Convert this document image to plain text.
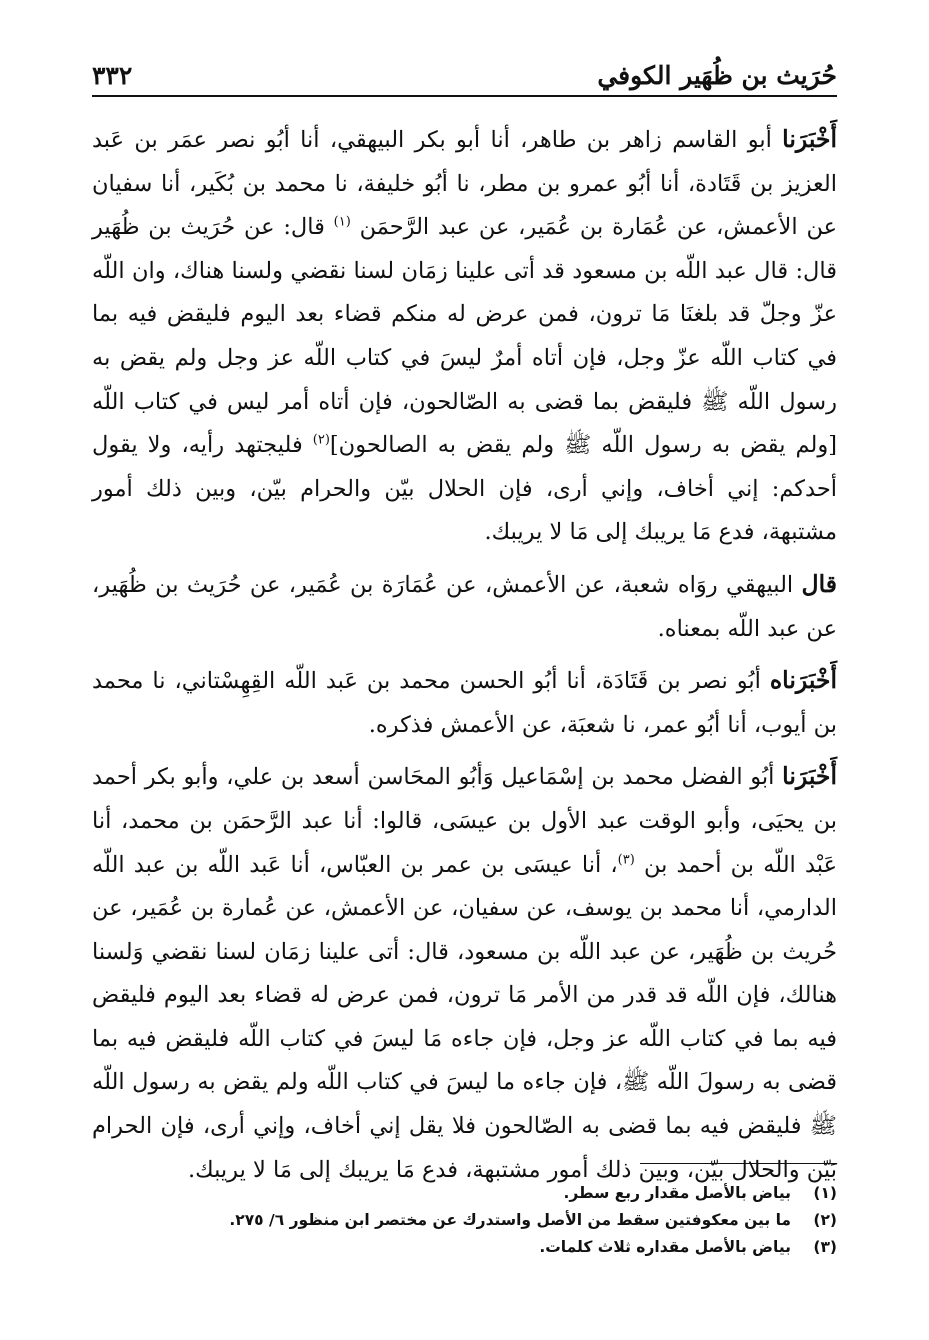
حُرَيث بن ظُهَير الكوفي
٣٣٢

أَخْبَرَنا أبو القاسم زاهر بن طاهر، أنا أبو بكر البيهقي، أنا أبُو نصر عمَر بن عَبد العزيز بن قَتَادة، أنا أبُو عمرو بن مطر، نا أبُو خليفة، نا محمد بن بُكَير، أنا سفيان عن الأعمش، عن عُمَارة بن عُمَير، عن عبد الرَّحمَن $^{(١)}$ قال: عن حُرَيث بن ظُهَير قال: قال عبد اللّه بن مسعود قد أتى علينا زمَان لسنا نقضي ولسنا هناك، وان اللّه عزّ وجلّ قد بلغنَا مَا ترون، فمن عرض له منكم قضاء بعد اليوم فليقض فيه بما في كتاب اللّه عزّ وجل، فإن أتاه أمرٌ ليسَ في كتاب اللّه عز وجل ولم يقض به رسول اللّه ﷺ فليقض بما قضى به الصّالحون، فإن أتاه أمر ليس في كتاب اللّه [ولم يقض به رسول اللّه ﷺ ولم يقض به الصالحون]$^{(٢)}$ فليجتهد رأيه، ولا يقول أحدكم: إني أخاف، وإني أرى، فإن الحلال بيّن والحرام بيّن، وبين ذلك أمور مشتبهة، فدع مَا يريبك إلى مَا لا يريبك.

قال البيهقي روَاه شعبة، عن الأعمش، عن عُمَارَة بن عُمَير، عن حُرَيث بن ظُهَير، عن عبد اللّه بمعناه.

أَخْبَرَناه أبُو نصر بن قَتَادَة، أنا أبُو الحسن محمد بن عَبد اللّه القِهِسْتاني، نا محمد بن أيوب، أنا أبُو عمر، نا شعبَة، عن الأعمش فذكره.

أَخْبَرَنا أبُو الفضل محمد بن إسْمَاعيل وَأبُو المحَاسن أسعد بن علي، وأبو بكر أحمد بن يحيَى، وأبو الوقت عبد الأول بن عيسَى، قالوا: أنا عبد الرَّحمَن بن محمد، أنا عَبْد اللّه بن أحمد بن $^{(٣)}$، أنا عيسَى بن عمر بن العبّاس، أنا عَبد اللّه بن عبد اللّه الدارمي، أنا محمد بن يوسف، عن سفيان، عن الأعمش، عن عُمارة بن عُمَير، عن حُريث بن ظُهَير، عن عبد اللّه بن مسعود، قال: أتى علينا زمَان لسنا نقضي وَلسنا هنالك، فإن اللّه قد قدر من الأمر مَا ترون، فمن عرض له قضاء بعد اليوم فليقض فيه بما في كتاب اللّه عز وجل، فإن جاءه مَا ليسَ في كتاب اللّه فليقض فيه بما قضى به رسولَ اللّه ﷺ، فإن جاءه ما ليسَ في كتاب اللّه ولم يقض به رسول اللّه ﷺ فليقض فيه بما قضى به الصّالحون فلا يقل إني أخاف، وإني أرى، فإن الحرام بَيّن والحلال بيّن، وبين ذلك أمور مشتبهة، فدع مَا يريبك إلى مَا لا يريبك.

(١)
بياض بالأصل مقدار ربع سطر.
(٢)
ما بين معكوفتين سقط من الأصل واستدرك عن مختصر ابن منظور ٦/ ٢٧٥.
(٣)
بياض بالأصل مقداره ثلاث كلمات.
